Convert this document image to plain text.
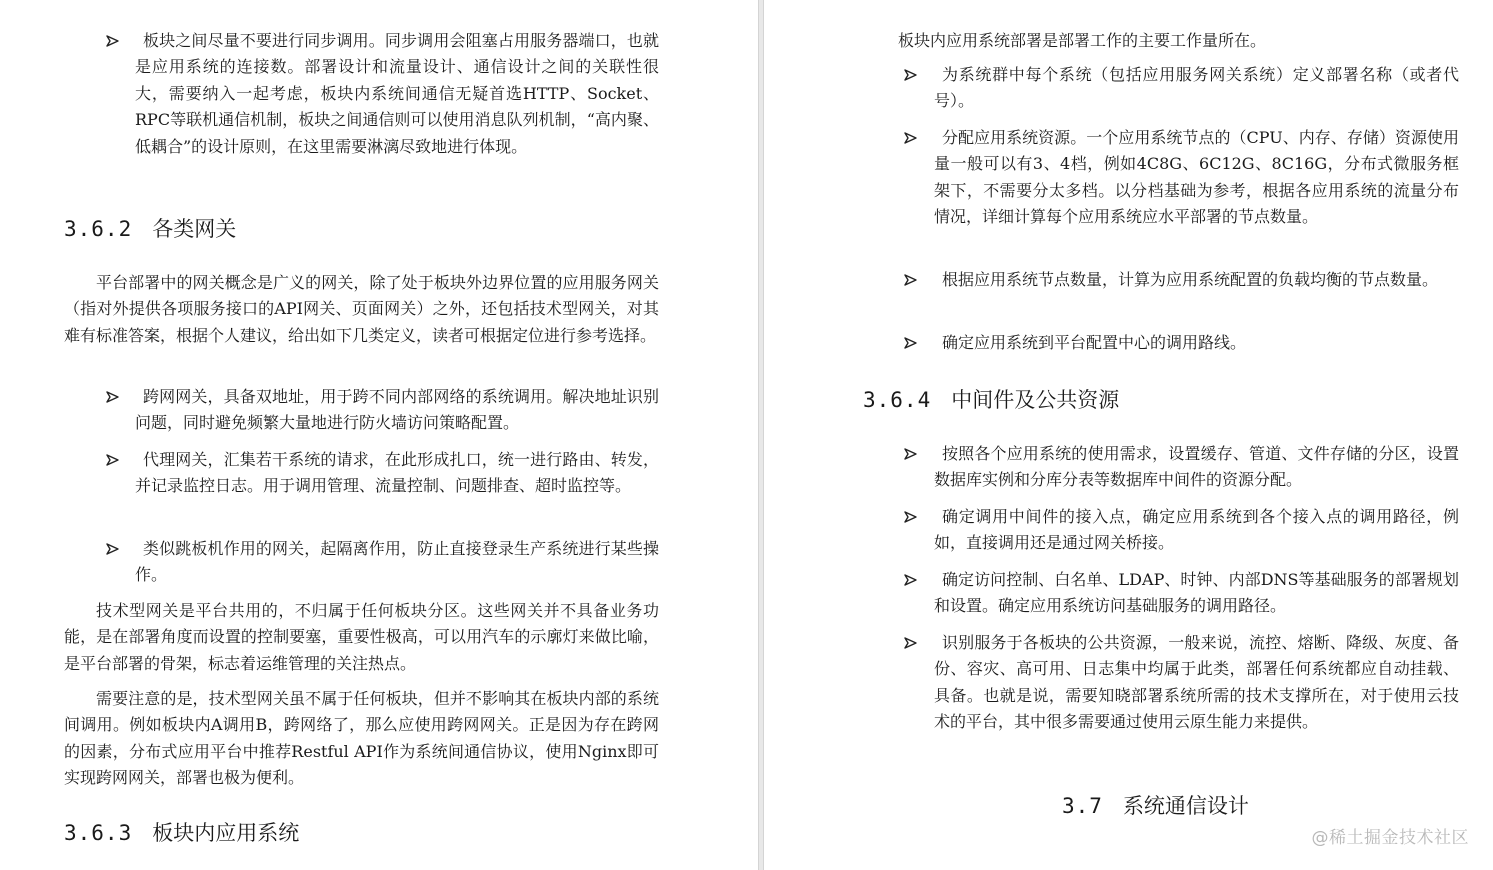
板块之间尽量不要进行同步调用。同步调用会阻塞占用服务器端口，也就是应用系统的连接数。部署设计和流量设计、通信设计之间的关联性很大，需要纳入一起考虑，板块内系统间通信无疑首选HTTP、Socket、RPC等联机通信机制，板块之间通信则可以使用消息队列机制，“高内聚、低耦合”的设计原则，在这里需要淋漓尽致地进行体现。

3.6.2 各类网关

平台部署中的网关概念是广义的网关，除了处于板块外边界位置的应用服务网关（指对外提供各项服务接口的API网关、页面网关）之外，还包括技术型网关，对其难有标准答案，根据个人建议，给出如下几类定义，读者可根据定位进行参考选择。

跨网网关，具备双地址，用于跨不同内部网络的系统调用。解决地址识别问题，同时避免频繁大量地进行防火墙访问策略配置。

代理网关，汇集若干系统的请求，在此形成扎口，统一进行路由、转发，并记录监控日志。用于调用管理、流量控制、问题排查、超时监控等。

类似跳板机作用的网关，起隔离作用，防止直接登录生产系统进行某些操作。

技术型网关是平台共用的，不归属于任何板块分区。这些网关并不具备业务功能，是在部署角度而设置的控制要塞，重要性极高，可以用汽车的示廓灯来做比喻，是平台部署的骨架，标志着运维管理的关注热点。

需要注意的是，技术型网关虽不属于任何板块，但并不影响其在板块内部的系统间调用。例如板块内A调用B，跨网络了，那么应使用跨网网关。正是因为存在跨网的因素，分布式应用平台中推荐Restful API作为系统间通信协议，使用Nginx即可实现跨网网关，部署也极为便利。

3.6.3 板块内应用系统

板块内应用系统部署是部署工作的主要工作量所在。

为系统群中每个系统（包括应用服务网关系统）定义部署名称（或者代号）。

分配应用系统资源。一个应用系统节点的（CPU、内存、存储）资源使用量一般可以有3、4档，例如4C8G、6C12G、8C16G，分布式微服务框架下，不需要分太多档。以分档基础为参考，根据各应用系统的流量分布情况，详细计算每个应用系统应水平部署的节点数量。

根据应用系统节点数量，计算为应用系统配置的负载均衡的节点数量。

确定应用系统到平台配置中心的调用路线。

3.6.4 中间件及公共资源

按照各个应用系统的使用需求，设置缓存、管道、文件存储的分区，设置数据库实例和分库分表等数据库中间件的资源分配。

确定调用中间件的接入点，确定应用系统到各个接入点的调用路径，例如，直接调用还是通过网关桥接。

确定访问控制、白名单、LDAP、时钟、内部DNS等基础服务的部署规划和设置。确定应用系统访问基础服务的调用路径。

识别服务于各板块的公共资源，一般来说，流控、熔断、降级、灰度、备份、容灾、高可用、日志集中均属于此类，部署任何系统都应自动挂载、具备。也就是说，需要知晓部署系统所需的技术支撑所在，对于使用云技术的平台，其中很多需要通过使用云原生能力来提供。

3.7 系统通信设计
@稀土掘金技术社区
